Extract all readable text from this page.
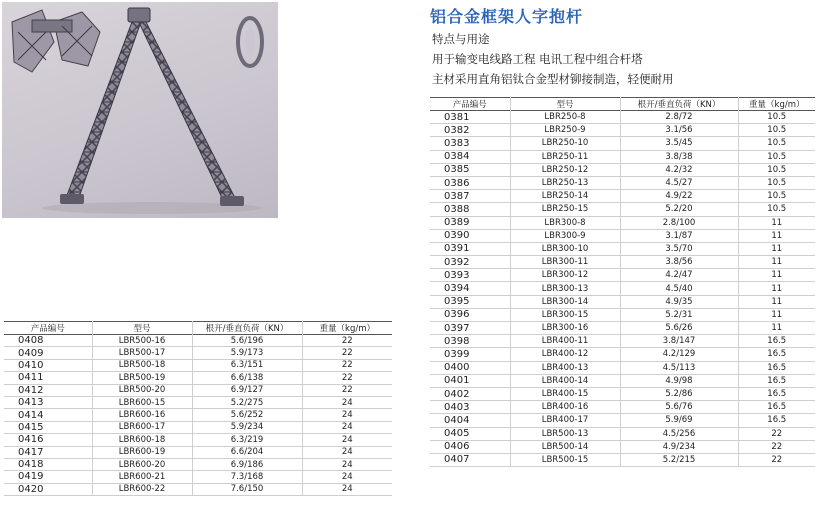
铝合金框架人字抱杆
特点与用途
用于输变电线路工程 电讯工程中组合杆塔
主材采用直角铝钛合金型材铆接制造，轻便耐用
产品编号	型号	根开/垂直负荷（KN）	重量（kg/m）
0408	LBR500-16	5.6/196	22
0409	LBR500-17	5.9/173	22
0410	LBR500-18	6.3/151	22
0411	LBR500-19	6.6/138	22
0412	LBR500-20	6.9/127	22
0413	LBR600-15	5.2/275	24
0414	LBR600-16	5.6/252	24
0415	LBR600-17	5.9/234	24
0416	LBR600-18	6.3/219	24
0417	LBR600-19	6.6/204	24
0418	LBR600-20	6.9/186	24
0419	LBR600-21	7.3/168	24
0420	LBR600-22	7.6/150	24
产品编号	型号	根开/垂直负荷（KN）	重量（kg/m）
0381	LBR250-8	2.8/72	10.5
0382	LBR250-9	3.1/56	10.5
0383	LBR250-10	3.5/45	10.5
0384	LBR250-11	3.8/38	10.5
0385	LBR250-12	4.2/32	10.5
0386	LBR250-13	4.5/27	10.5
0387	LBR250-14	4.9/22	10.5
0388	LBR250-15	5.2/20	10.5
0389	LBR300-8	2.8/100	11
0390	LBR300-9	3.1/87	11
0391	LBR300-10	3.5/70	11
0392	LBR300-11	3.8/56	11
0393	LBR300-12	4.2/47	11
0394	LBR300-13	4.5/40	11
0395	LBR300-14	4.9/35	11
0396	LBR300-15	5.2/31	11
0397	LBR300-16	5.6/26	11
0398	LBR400-11	3.8/147	16.5
0399	LBR400-12	4.2/129	16.5
0400	LBR400-13	4.5/113	16.5
0401	LBR400-14	4.9/98	16.5
0402	LBR400-15	5.2/86	16.5
0403	LBR400-16	5.6/76	16.5
0404	LBR400-17	5.9/69	16.5
0405	LBR500-13	4.5/256	22
0406	LBR500-14	4.9/234	22
0407	LBR500-15	5.2/215	22
